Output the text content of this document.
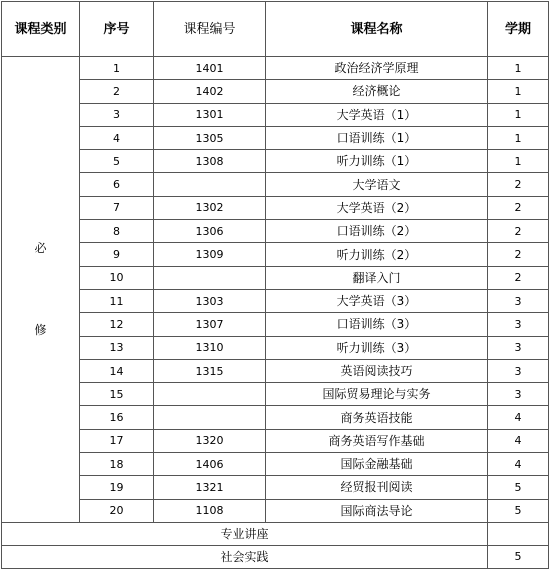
课程类别	序号	课程编号	课程名称	学期

必
修	1	1401	政治经济学原理	1
	2	1402	经济概论	1
	3	1301	大学英语（1）	1
	4	1305	口语训练（1）	1
	5	1308	听力训练（1）	1
	6		大学语文	2
	7	1302	大学英语（2）	2
	8	1306	口语训练（2）	2
	9	1309	听力训练（2）	2
	10		翻译入门	2
	11	1303	大学英语（3）	3
	12	1307	口语训练（3）	3
	13	1310	听力训练（3）	3
	14	1315	英语阅读技巧	3
	15		国际贸易理论与实务	3
	16		商务英语技能	4
	17	1320	商务英语写作基础	4
	18	1406	国际金融基础	4
	19	1321	经贸报刊阅读	5
	20	1108	国际商法导论	5
专业讲座				
社会实践				5
